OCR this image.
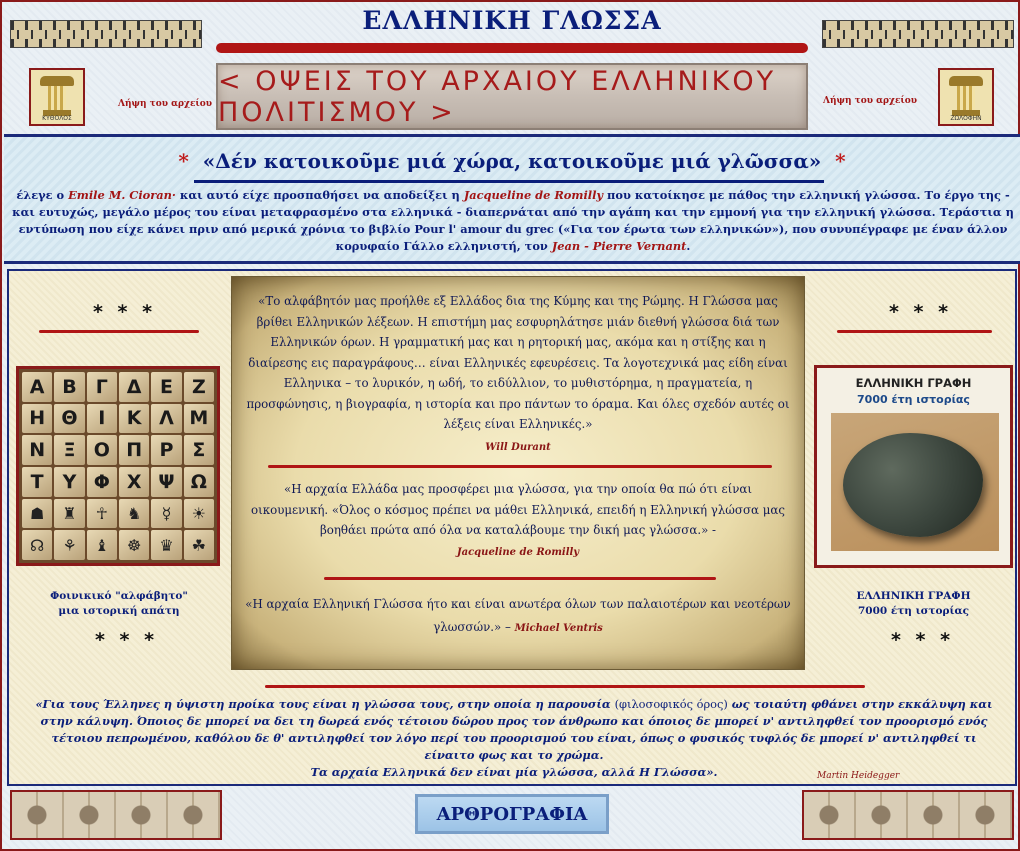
ΕΛΛΗΝΙΚΗ ΓΛΩΣΣΑ
ΚΥΘΟΛΟΣ
Λήψη του αρχείου
< ΟΨΕΙΣ ΤΟΥ ΑΡΧΑΙΟΥ ΕΛΛΗΝΙΚΟΥ ΠΟΛΙΤΙΣΜΟΥ >	Λήψη του αρχείου
ΖΩΛΟΦΗΝ
* «Δέν κατοικοῦμε μιά χώρα, κατοικοῦμε μιά γλῶσσα» *
έλεγε ο Emile M. Cioran· και αυτό είχε προσπαθήσει να αποδείξει η Jacqueline de Romilly που κατοίκησε με πάθος την ελληνική γλώσσα. Το έργο της - και ευτυχώς, μεγάλο μέρος του είναι μεταφρασμένο στα ελληνικά - διαπερνάται από την αγάπη και την εμμονή για την ελληνική γλώσσα. Τεράστια η εντύπωση που είχε κάνει πριν από μερικά χρόνια το βιβλίο Pour l' amour du grec («Για τον έρωτα των ελληνικών»), που συνυπέγραφε με έναν άλλον κορυφαίο Γάλλο ελληνιστή, τον Jean - Pierre Vernant.
* * *
Α Β	Γ Δ Ε Ζ
Η Θ	Ι	Κ Λ Μ
Ν Ξ Ο Π Ρ Σ
Τ Υ Φ Χ Ψ Ω
☗	♜	☥	♞	☿	☀
☊	⚘	♝	☸	♛	☘
Φοινικικό "αλφάβητο"
μια ιστορική απάτη
* * *
«Το αλφάβητόν μας προήλθε εξ Ελλάδος δια της Κύμης και της Ρώμης. Η Γλώσσα μας βρίθει Ελληνικών λέξεων. Η επιστήμη μας εσφυρηλάτησε μιάν διεθνή γλώσσα διά των Ελληνικών όρων. Η γραμματική μας και η ρητορική μας, ακόμα και η στίξης και η διαίρεσης εις παραγράφους… είναι Ελληνικές εφευρέσεις. Τα λογοτεχνικά μας είδη είναι Ελληνικα – το λυρικόν, η ωδή, το ειδύλλιον, το μυθιστόρημα, η πραγματεία, η προσφώνησις, η βιογραφία, η ιστορία και προ πάντων το όραμα. Και όλες σχεδόν αυτές οι λέξεις είναι Ελληνικές.»
Will Durant
«Η αρχαία Ελλάδα μας προσφέρει μια γλώσσα, για την οποία θα πώ ότι είναι οικουμενική. «Όλος ο κόσμος πρέπει να μάθει Ελληνικά, επειδή η Ελληνική γλώσσα μας βοηθάει πρώτα από όλα να καταλάβουμε την δική μας γλώσσα.» -
Jacqueline de Romilly
«Η αρχαία Ελληνική Γλώσσα ήτο και είναι ανωτέρα όλων των παλαιοτέρων και νεοτέρων γλωσσών.» – Michael Ventris
* * *
ΕΛΛΗΝΙΚΗ ΓΡΑΦΗ
7000 έτη ιστορίας
ΕΛΛΗΝΙΚΗ ΓΡΑΦΗ
7000 έτη ιστορίας
* * *
«Για τους Έλληνες η ύψιστη προίκα τους είναι η γλώσσα τους, στην οποία η παρουσία (φιλοσοφικός όρος) ως τοιαύτη φθάνει στην εκκάλυψη και στην κάλυψη. Όποιος δε μπορεί να δει τη δωρεά ενός τέτοιου δώρου προς τον άνθρωπο και όποιος δε μπορεί ν' αντιληφθεί τον προορισμό ενός τέτοιου πεπρωμένου, καθόλου δε θ' αντιληφθεί τον λόγο περί του προορισμού του είναι, όπως ο φυσικός τυφλός δε μπορεί ν' αντιληφθεί τι είναιτο φως και το χρώμα.
Τα αρχαία Ελληνικά δεν είναι μία γλώσσα, αλλά Η Γλώσσα».	Martin Heidegger
ΑΡΘΡΟΓΡΑΦΙΑ
